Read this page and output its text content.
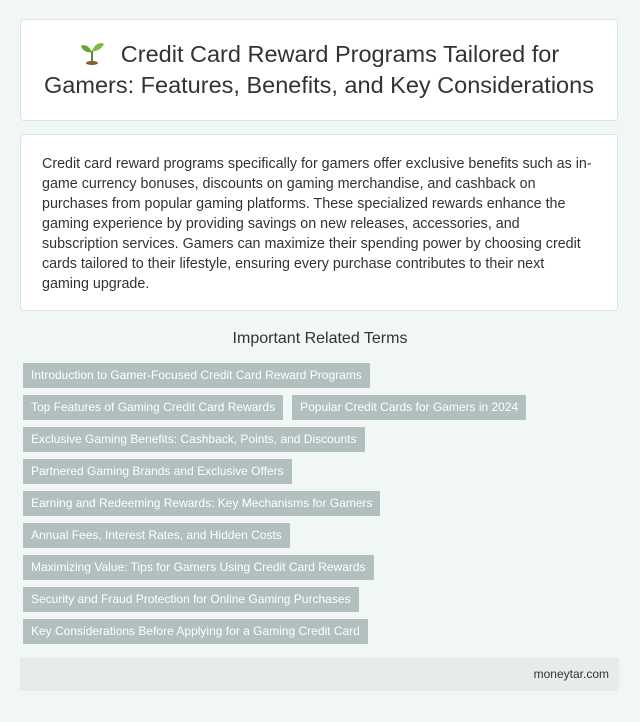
Credit Card Reward Programs Tailored for Gamers: Features, Benefits, and Key Considerations

Credit card reward programs specifically for gamers offer exclusive benefits such as in-game currency bonuses, discounts on gaming merchandise, and cashback on purchases from popular gaming platforms. These specialized rewards enhance the gaming experience by providing savings on new releases, accessories, and subscription services. Gamers can maximize their spending power by choosing credit cards tailored to their lifestyle, ensuring every purchase contributes to their next gaming upgrade.

Important Related Terms
Introduction to Gamer-Focused Credit Card Reward Programs
Top Features of Gaming Credit Card Rewards	Popular Credit Cards for Gamers in 2024
Exclusive Gaming Benefits: Cashback, Points, and Discounts
Partnered Gaming Brands and Exclusive Offers
Earning and Redeeming Rewards: Key Mechanisms for Gamers
Annual Fees, Interest Rates, and Hidden Costs
Maximizing Value: Tips for Gamers Using Credit Card Rewards
Security and Fraud Protection for Online Gaming Purchases
Key Considerations Before Applying for a Gaming Credit Card
moneytar.com
